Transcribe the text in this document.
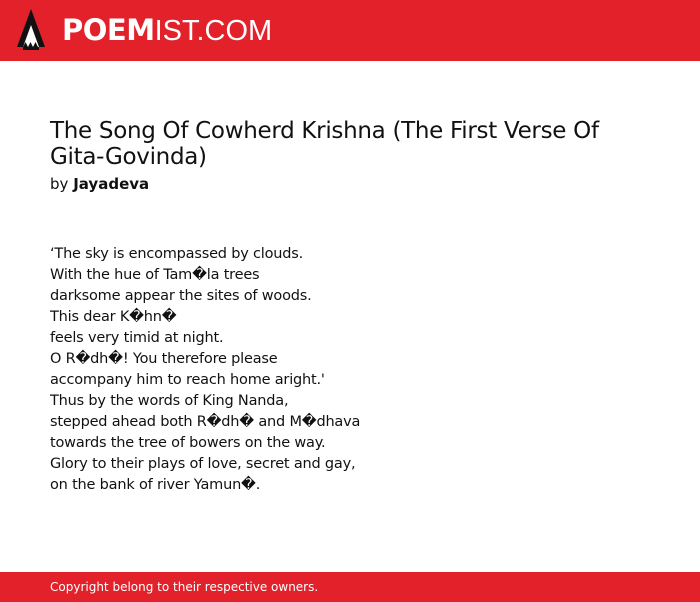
POEMIST.COM
The Song Of Cowherd Krishna (The First Verse Of Gita-Govinda)
by Jayadeva
‘The sky is encompassed by clouds.
With the hue of Tam�la trees
darksome appear the sites of woods.
This dear K�hn�
feels very timid at night.
O R�dh�! You therefore please
accompany him to reach home aright.'
Thus by the words of King Nanda,
stepped ahead both R�dh� and M�dhava
towards the tree of bowers on the way.
Glory to their plays of love, secret and gay,
on the bank of river Yamun�.
Copyright belong to their respective owners.
